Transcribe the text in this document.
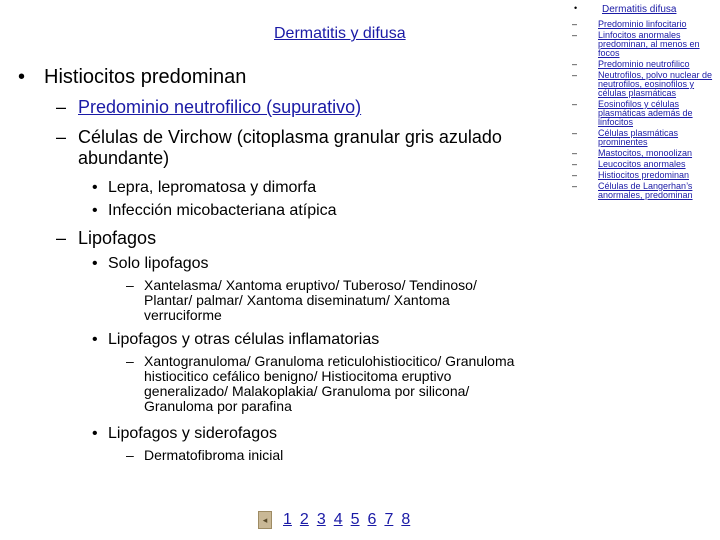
Dermatitis y difusa
• Histiocitos predominan
– Predominio neutrofilico (supurativo)
– Células de Virchow (citoplasma granular gris azulado abundante)
• Lepra, lepromatosa y dimorfa
• Infección micobacteriana atípica
– Lipofagos
• Solo lipofagos
– Xantelasma/ Xantoma eruptivo/ Tuberoso/ Tendinoso/ Plantar/ palmar/ Xantoma diseminatum/ Xantoma verruciforme
• Lipofagos y otras células inflamatorias
– Xantogranuloma/ Granuloma reticulohistiocitico/ Granuloma histiocitico cefálico benigno/ Histiocitoma eruptivo generalizado/ Malakoplakia/ Granuloma por silicona/ Granuloma por parafina
• Lipofagos y siderofagos
– Dermatofibroma inicial
◂ 1 2 3 4 5 6 7 8
• Dermatitis difusa
– Predominio linfocitario
– Linfocitos anormales predominan, al menos en focos
– Predominio neutrofilico
– Neutrofilos, polvo nuclear de neutrofilos, eosinofilos y células plasmáticas
– Eosinofilos y células plasmáticas además de linfocitos
– Células plasmáticas prominentes
– Mastocitos, monoolizan
– Leucocitos anormales
– Histiocitos predominan
– Células de Langerhan’s anormales, predominan
